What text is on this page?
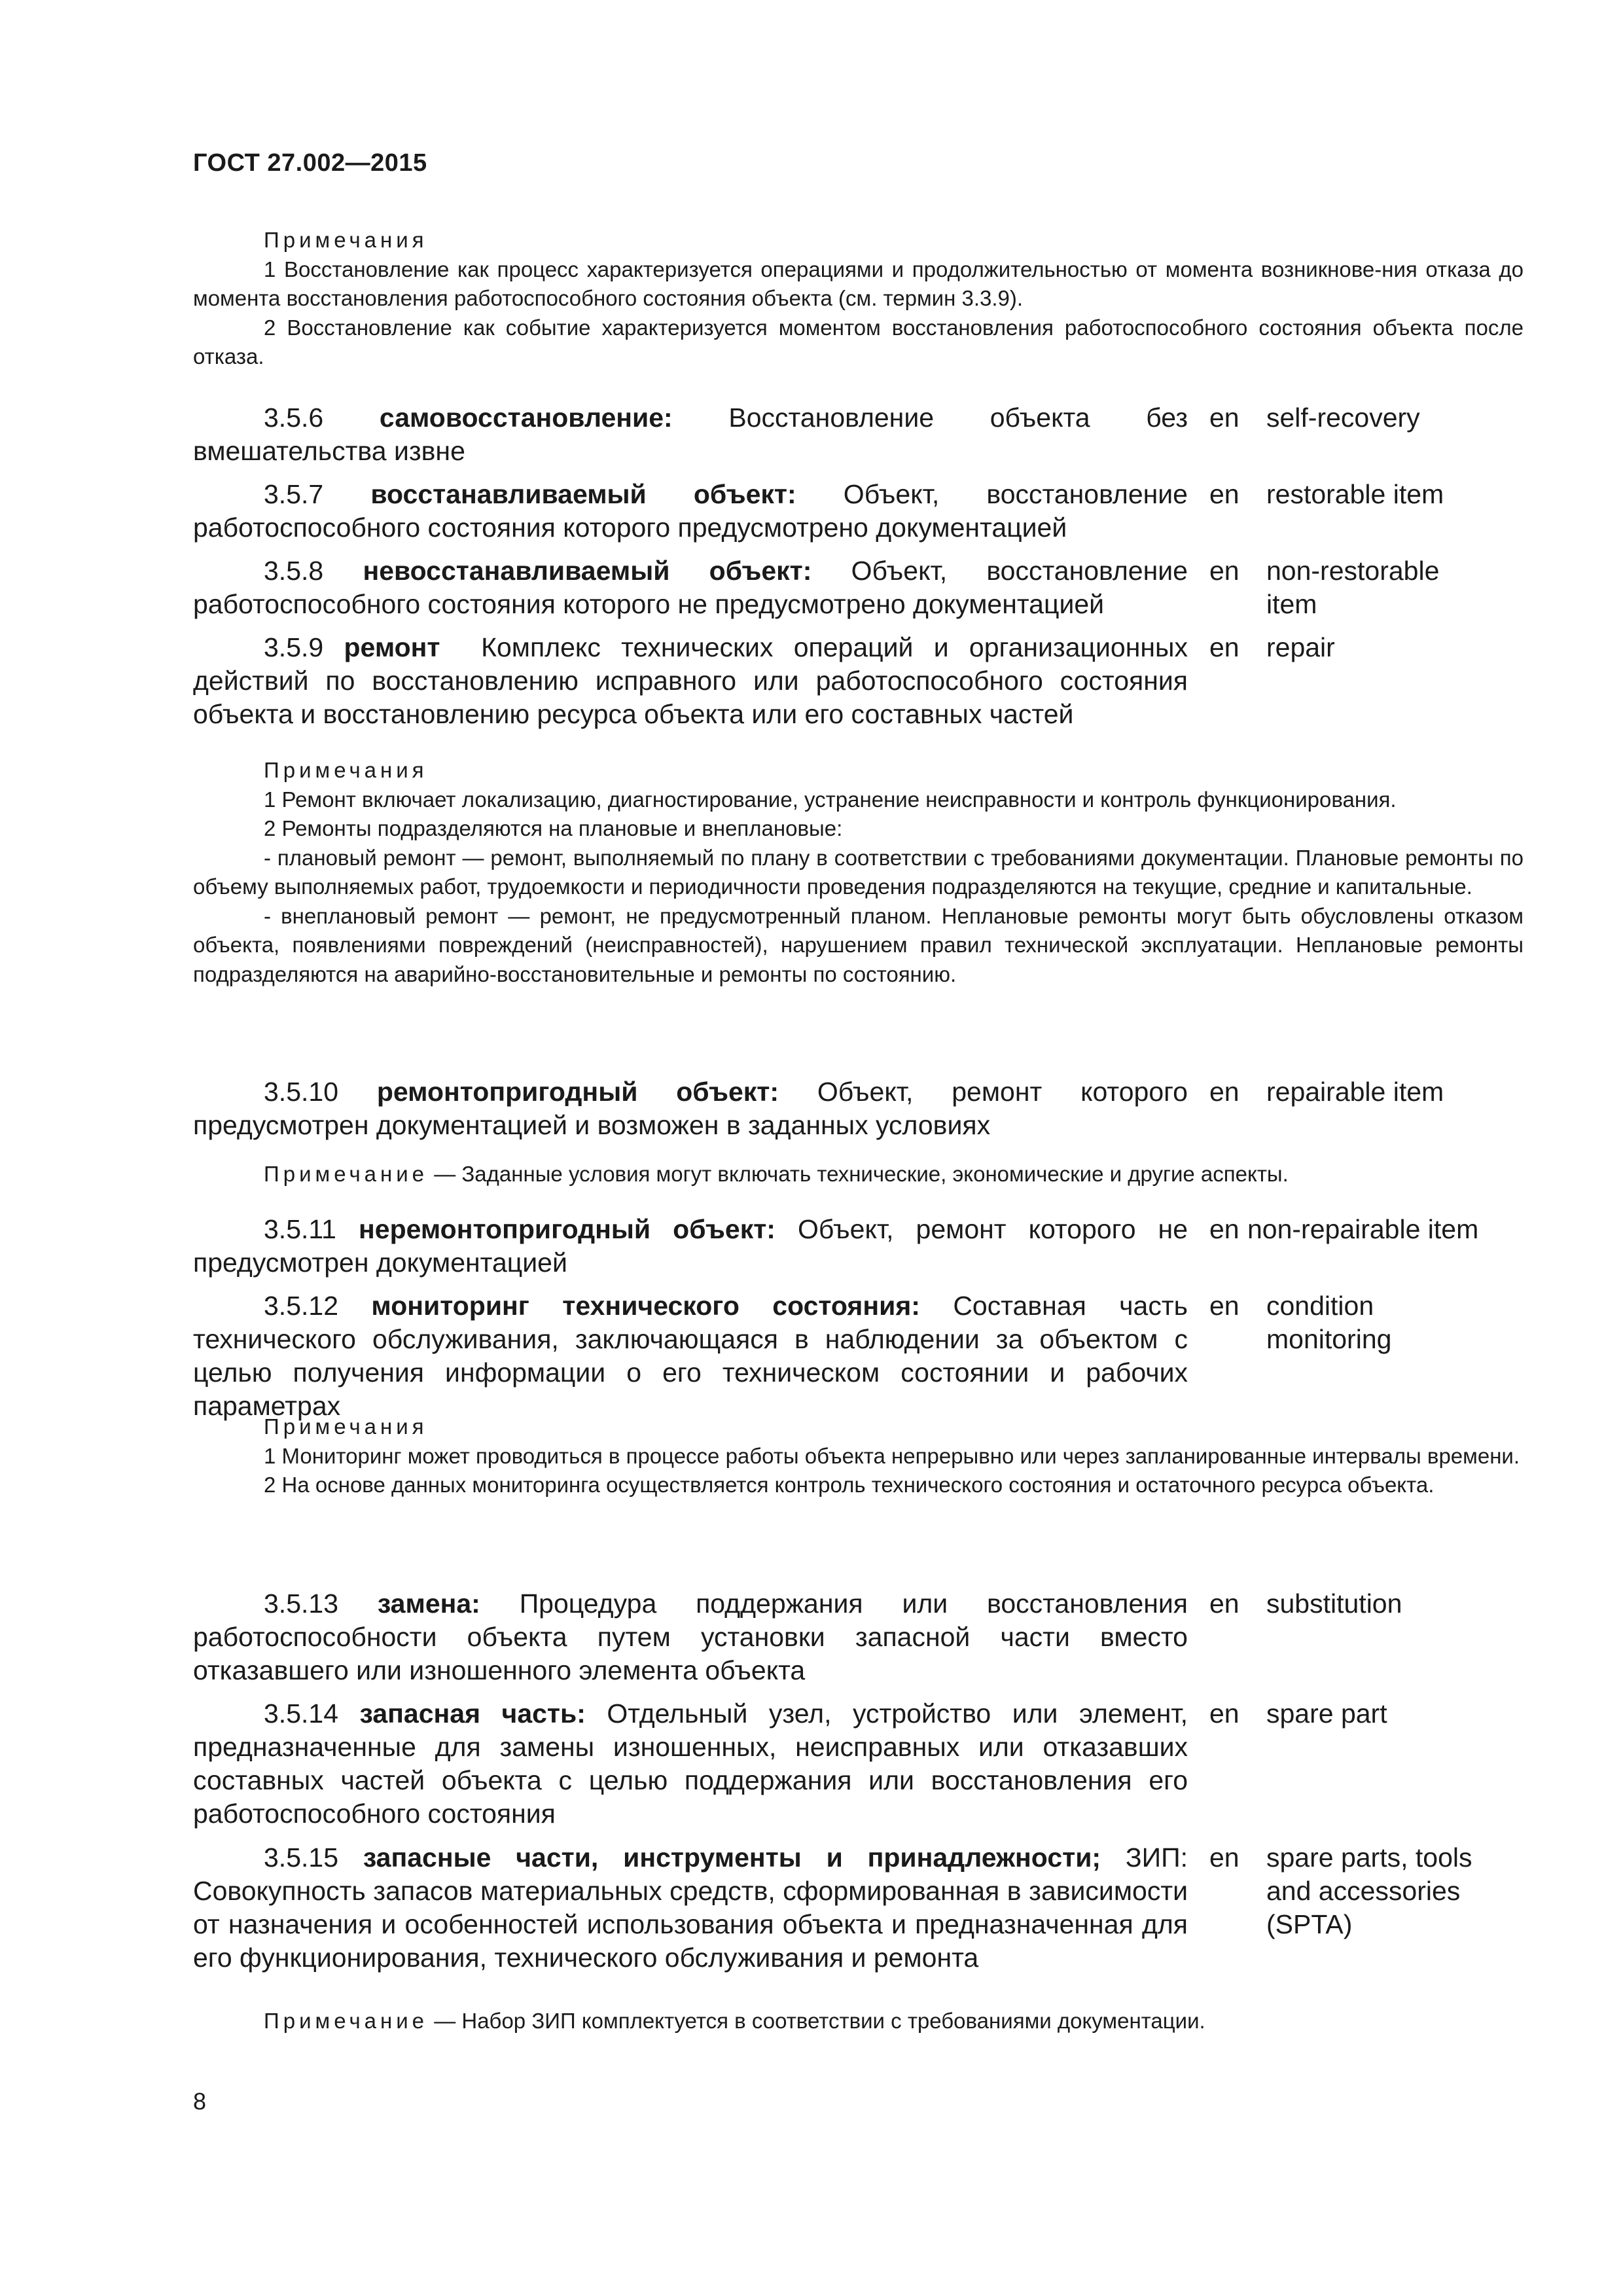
ГОСТ 27.002—2015

Примечания

1 Восстановление как процесс характеризуется операциями и продолжительностью от момента возникнове-ния отказа до момента восстановления работоспособного состояния объекта (см. термин 3.3.9).

2 Восстановление как событие характеризуется моментом восстановления работоспособного состояния объекта после отказа.

3.5.6 самовосстановление: Восстановление объекта без вмешательства извне
en self-recovery
3.5.7 восстанавливаемый объект: Объект, восстановление работоспособного состояния которого предусмотрено документацией
en restorable item
3.5.8 невосстанавливаемый объект: Объект, восстановление работоспособного состояния которого не предусмотрено документацией
en non-restorable item
3.5.9 ремонт Комплекс технических операций и организационных действий по восстановлению исправного или работоспособного состояния объекта и восстановлению ресурса объекта или его составных частей
en repair

Примечания

1 Ремонт включает локализацию, диагностирование, устранение неисправности и контроль функционирования.

2 Ремонты подразделяются на плановые и внеплановые:

- плановый ремонт — ремонт, выполняемый по плану в соответствии с требованиями документации. Плановые ремонты по объему выполняемых работ, трудоемкости и периодичности проведения подразделяются на текущие, средние и капитальные.

- внеплановый ремонт — ремонт, не предусмотренный планом. Неплановые ремонты могут быть обусловлены отказом объекта, появлениями повреждений (неисправностей), нарушением правил технической эксплуатации. Неплановые ремонты подразделяются на аварийно-восстановительные и ремонты по состоянию.

3.5.10 ремонтопригодный объект: Объект, ремонт которого предусмотрен документацией и возможен в заданных условиях
en repairable item

Примечание — Заданные условия могут включать технические, экономические и другие аспекты.

3.5.11 неремонтопригодный объект: Объект, ремонт которого не предусмотрен документацией
en non-repairable item
3.5.12 мониторинг технического состояния: Составная часть технического обслуживания, заключающаяся в наблюдении за объектом с целью получения информации о его техническом состоянии и рабочих параметрах
en condition monitoring

Примечания

1 Мониторинг может проводиться в процессе работы объекта непрерывно или через запланированные интервалы времени.

2 На основе данных мониторинга осуществляется контроль технического состояния и остаточного ресурса объекта.

3.5.13 замена: Процедура поддержания или восстановления работоспособности объекта путем установки запасной части вместо отказавшего или изношенного элемента объекта
en substitution
3.5.14 запасная часть: Отдельный узел, устройство или элемент, предназначенные для замены изношенных, неисправных или отказавших составных частей объекта с целью поддержания или восстановления его работоспособного состояния
en spare part
3.5.15 запасные части, инструменты и принадлежности; ЗИП: Совокупность запасов материальных средств, сформированная в зависимости от назначения и особенностей использования объекта и предназначенная для его функционирования, технического обслуживания и ремонта
en spare parts, tools and accessories (SPTA)

Примечание — Набор ЗИП комплектуется в соответствии с требованиями документации.

8
